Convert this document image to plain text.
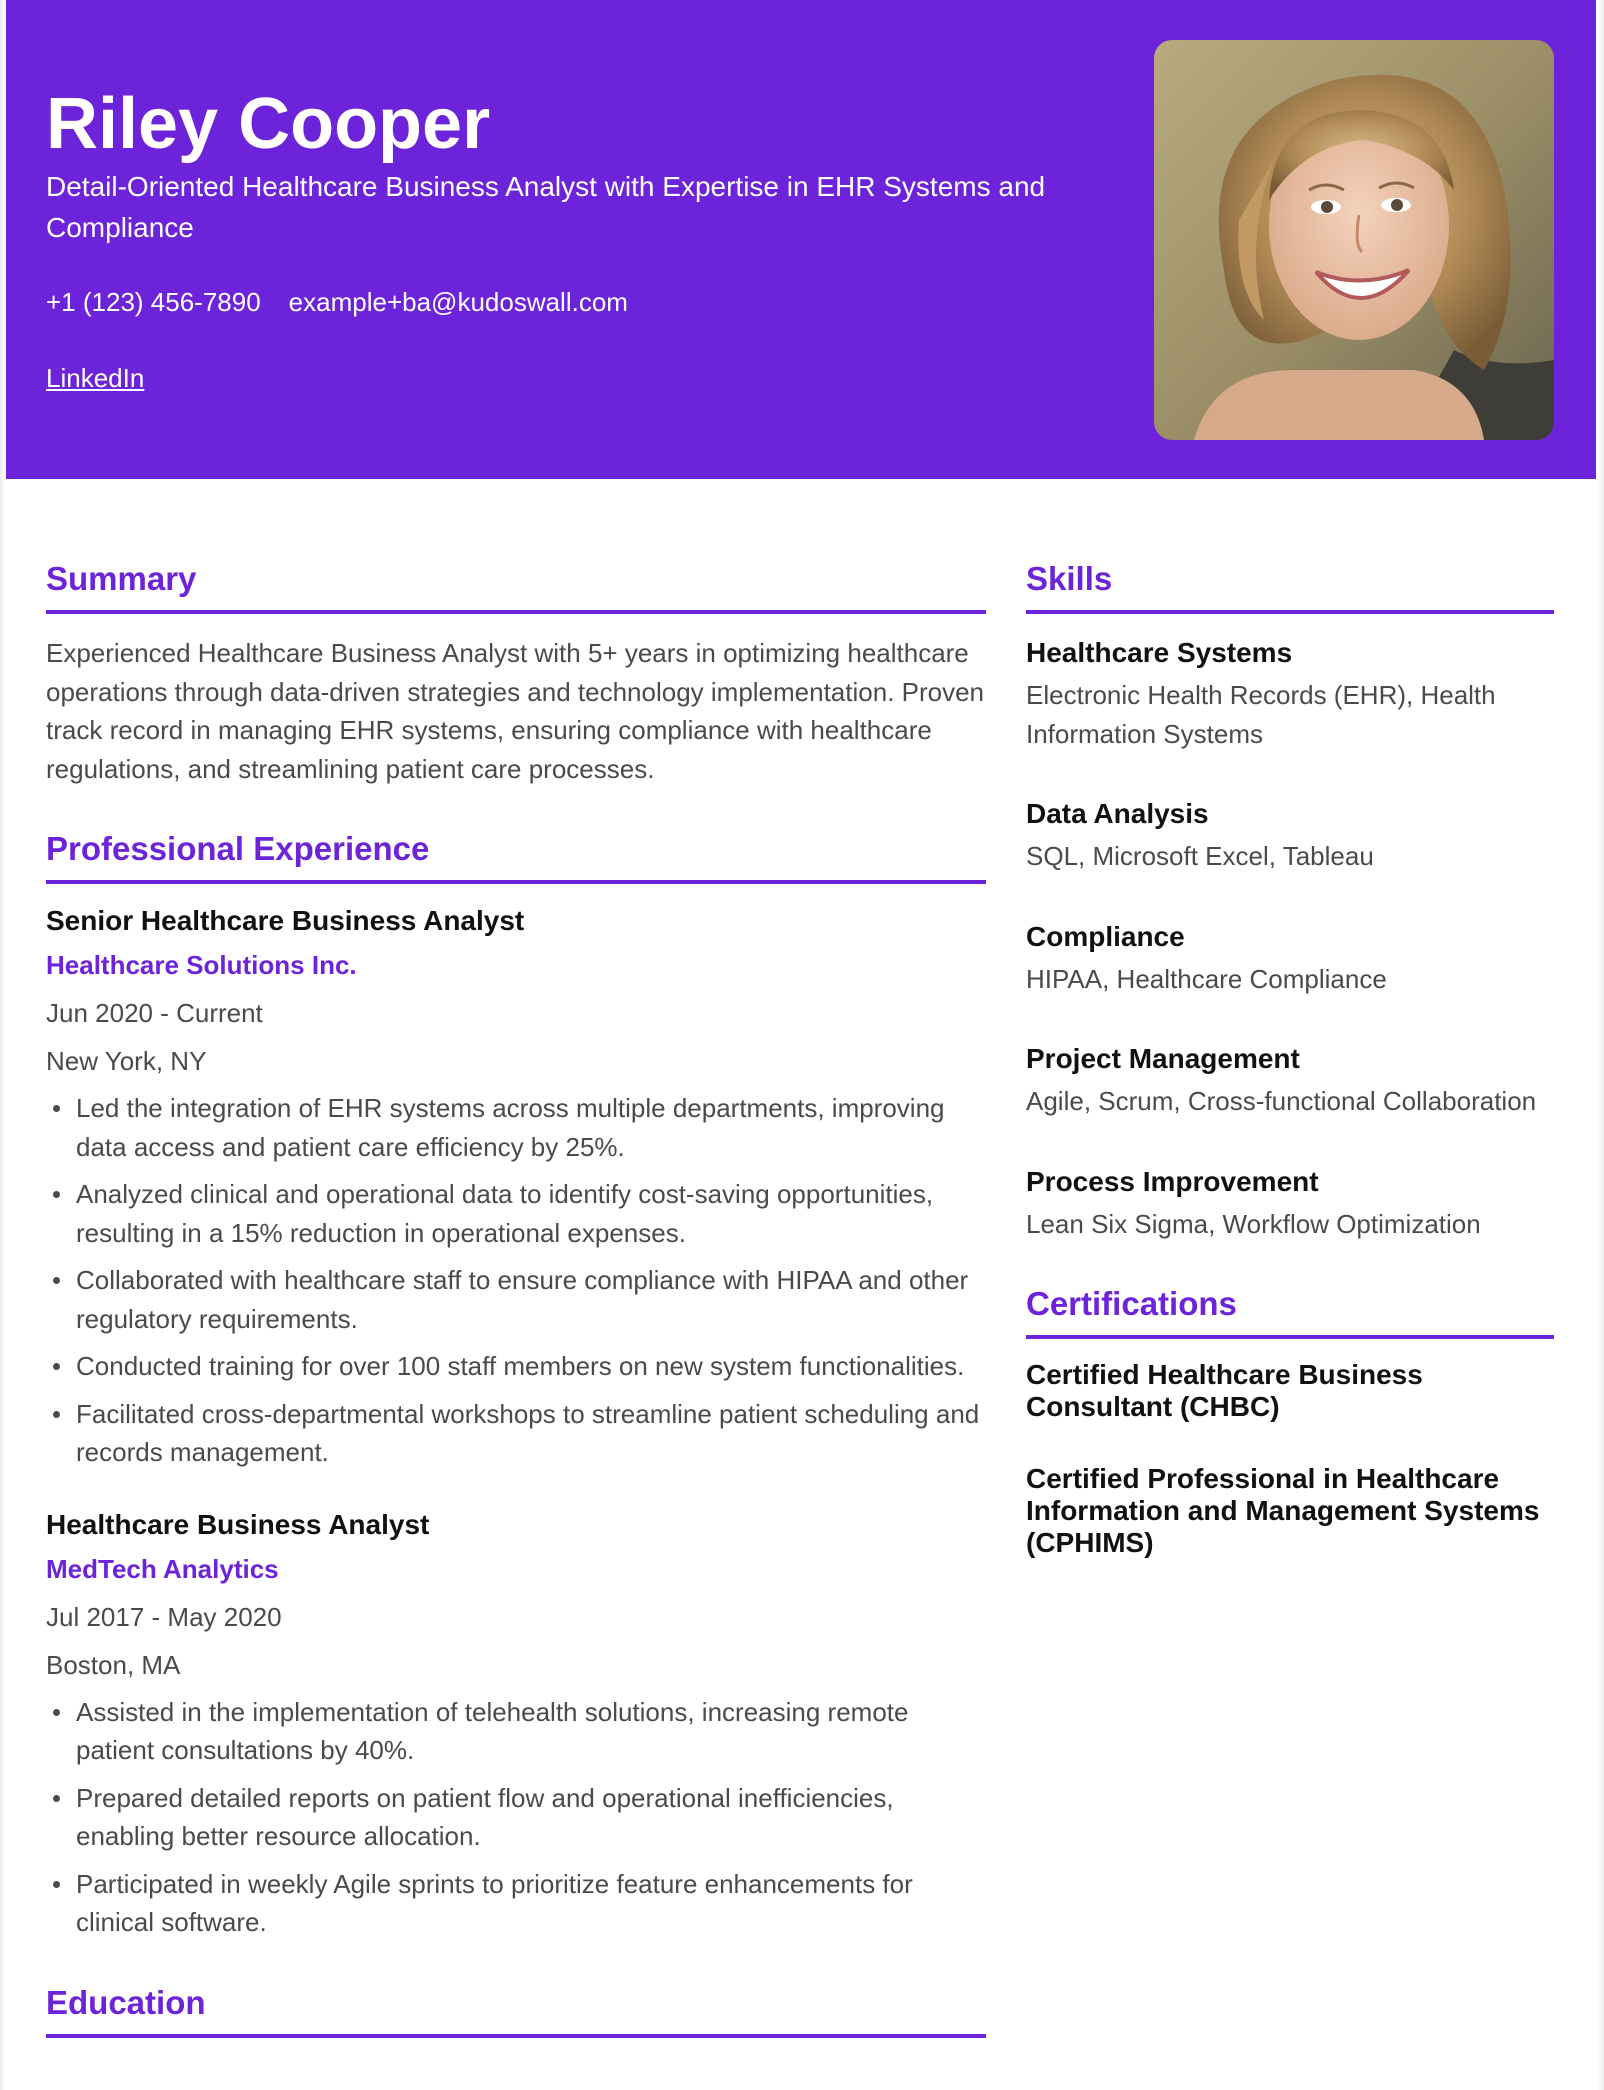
Riley Cooper

Detail-Oriented Healthcare Business Analyst with Expertise in EHR Systems and Compliance

+1 (123) 456-7890 example+ba@kudoswall.com
LinkedIn
Summary

Experienced Healthcare Business Analyst with 5+ years in optimizing healthcare operations through data-driven strategies and technology implementation. Proven track record in managing EHR systems, ensuring compliance with healthcare regulations, and streamlining patient care processes.

Professional Experience
Senior Healthcare Business Analyst
Healthcare Solutions Inc.
Jun 2020 - Current
New York, NY
Led the integration of EHR systems across multiple departments, improving data access and patient care efficiency by 25%.
Analyzed clinical and operational data to identify cost-saving opportunities, resulting in a 15% reduction in operational expenses.
Collaborated with healthcare staff to ensure compliance with HIPAA and other regulatory requirements.
Conducted training for over 100 staff members on new system functionalities.
Facilitated cross-departmental workshops to streamline patient scheduling and records management.
Healthcare Business Analyst
MedTech Analytics
Jul 2017 - May 2020
Boston, MA
Assisted in the implementation of telehealth solutions, increasing remote patient consultations by 40%.
Prepared detailed reports on patient flow and operational inefficiencies, enabling better resource allocation.
Participated in weekly Agile sprints to prioritize feature enhancements for clinical software.
Education
Skills
Healthcare Systems
Electronic Health Records (EHR), Health Information Systems
Data Analysis
SQL, Microsoft Excel, Tableau
Compliance
HIPAA, Healthcare Compliance
Project Management
Agile, Scrum, Cross-functional Collaboration
Process Improvement
Lean Six Sigma, Workflow Optimization
Certifications
Certified Healthcare Business Consultant (CHBC)
Certified Professional in Healthcare Information and Management Systems (CPHIMS)
